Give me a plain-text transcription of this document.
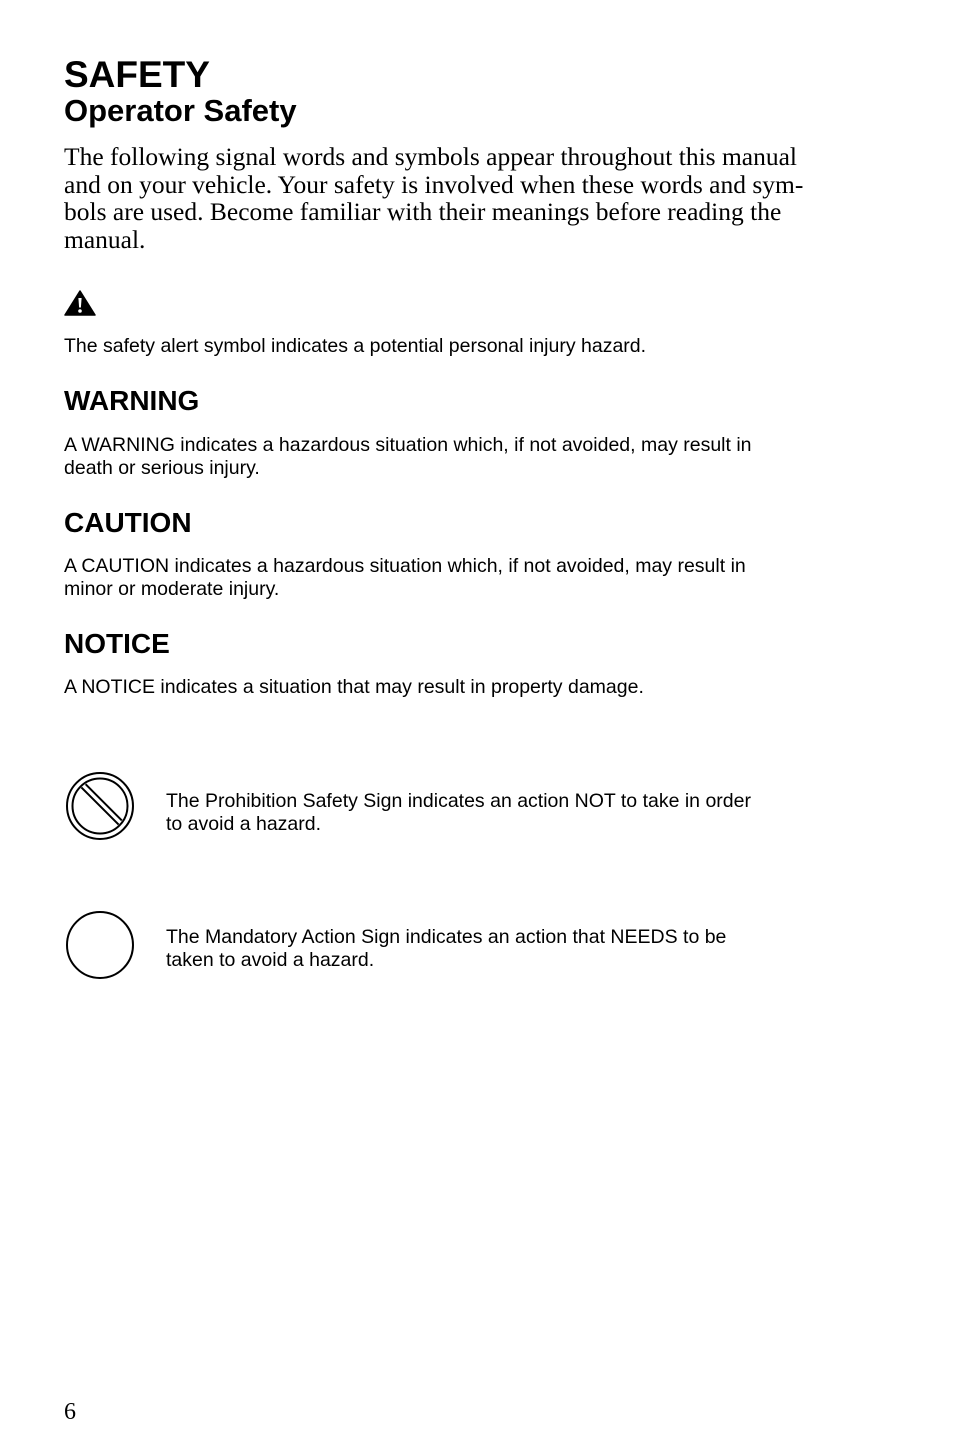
SAFETY
Operator Safety

The following signal words and symbols appear throughout this manual
and on your vehicle. Your safety is involved when these words and sym-
bols are used. Become familiar with their meanings before reading the
manual.

The safety alert symbol indicates a potential personal injury hazard.

WARNING

A WARNING indicates a hazardous situation which, if not avoided, may result in
death or serious injury.

CAUTION

A CAUTION indicates a hazardous situation which, if not avoided, may result in
minor or moderate injury.

NOTICE

A NOTICE indicates a situation that may result in property damage.

The Prohibition Safety Sign indicates an action NOT to take in order
to avoid a hazard.

The Mandatory Action Sign indicates an action that NEEDS to be
taken to avoid a hazard.

6
